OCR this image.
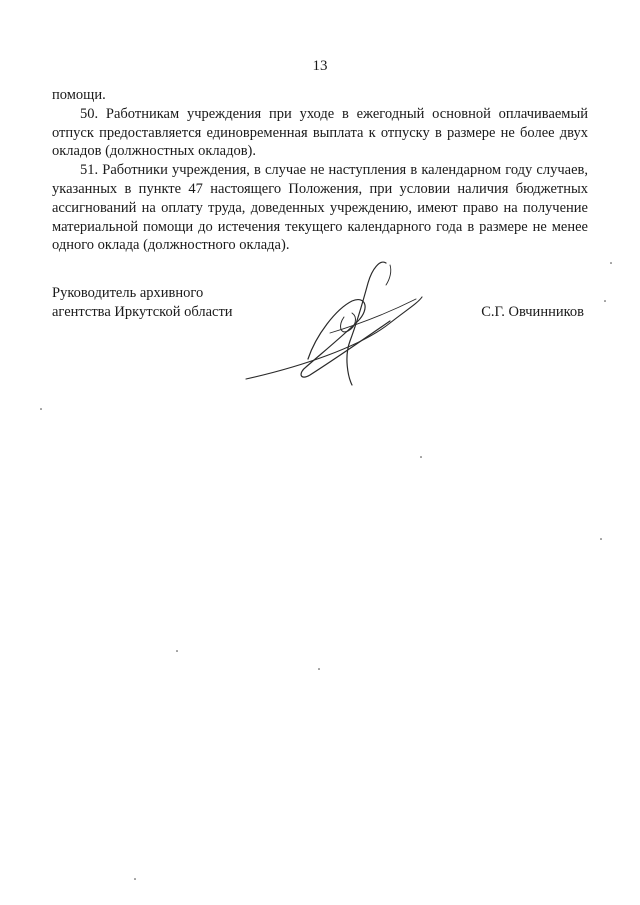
13

помощи.

50. Работникам учреждения при уходе в ежегодный основной оплачиваемый отпуск предоставляется единовременная выплата к отпуску в размере не более двух окладов (должностных окладов).

51. Работники учреждения, в случае не наступления в календарном году случаев, указанных в пункте 47 настоящего Положения, при условии наличия бюджетных ассигнований на оплату труда, доведенных учреждению, имеют право на получение материальной помощи до истечения текущего календарного года в размере не менее одного оклада (должностного оклада).

Руководитель архивного
агентства Иркутской области	С.Г. Овчинников
